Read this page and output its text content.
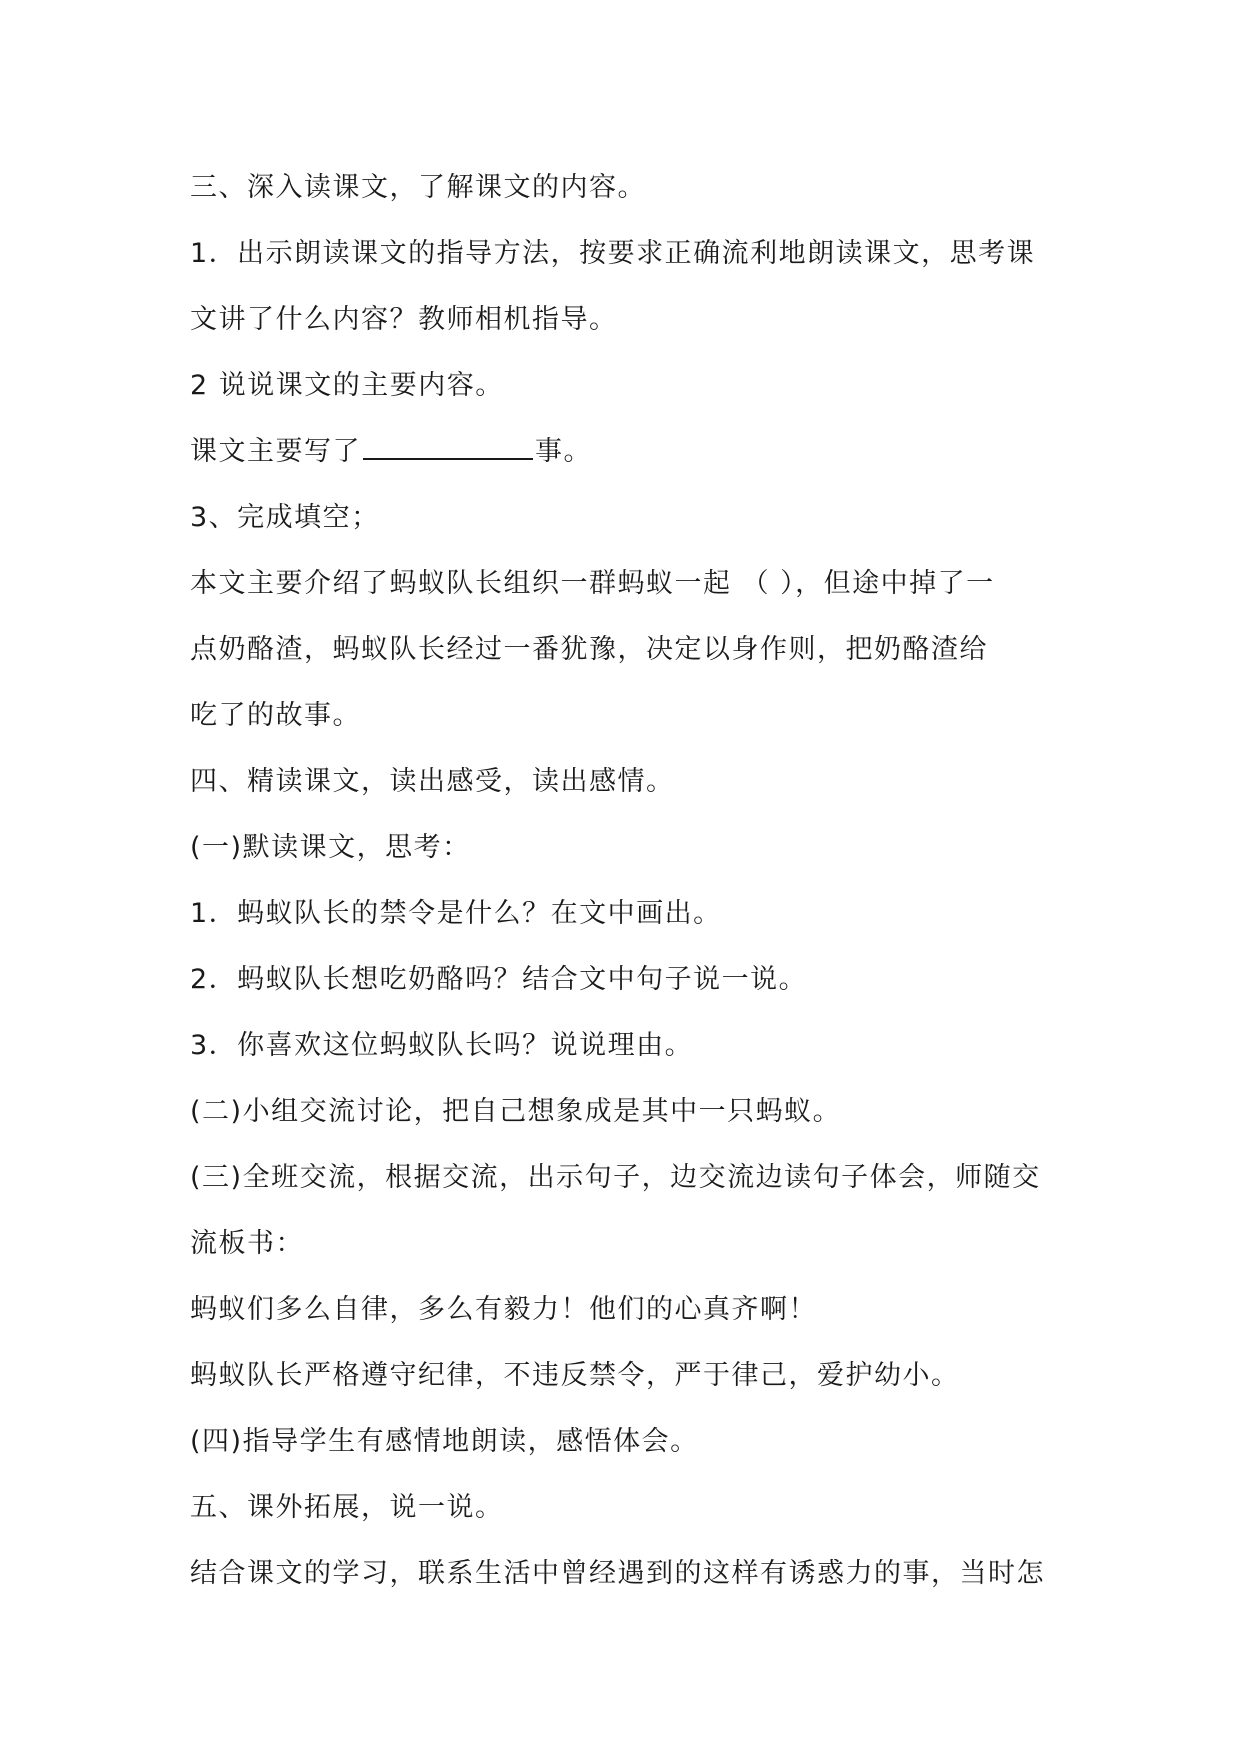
三、深入读课文，了解课文的内容。
1．出示朗读课文的指导方法，按要求正确流利地朗读课文，思考课
文讲了什么内容？教师相机指导。
2 说说课文的主要内容。
课文主要写了	事。
3、完成填空；
本文主要介绍了蚂蚁队长组织一群蚂蚁一起 （ ），但途中掉了一
点奶酪渣，蚂蚁队长经过一番犹豫，决定以身作则，把奶酪渣给
吃了的故事。
四、精读课文，读出感受，读出感情。
(一)默读课文，思考：
1．蚂蚁队长的禁令是什么？在文中画出。
2．蚂蚁队长想吃奶酪吗？结合文中句子说一说。
3．你喜欢这位蚂蚁队长吗？说说理由。
(二)小组交流讨论，把自己想象成是其中一只蚂蚁。
(三)全班交流，根据交流，出示句子，边交流边读句子体会，师随交
流板书：
蚂蚁们多么自律，多么有毅力！他们的心真齐啊！
蚂蚁队长严格遵守纪律，不违反禁令，严于律己，爱护幼小。
(四)指导学生有感情地朗读，感悟体会。
五、课外拓展，说一说。
结合课文的学习，联系生活中曾经遇到的这样有诱惑力的事，当时怎
